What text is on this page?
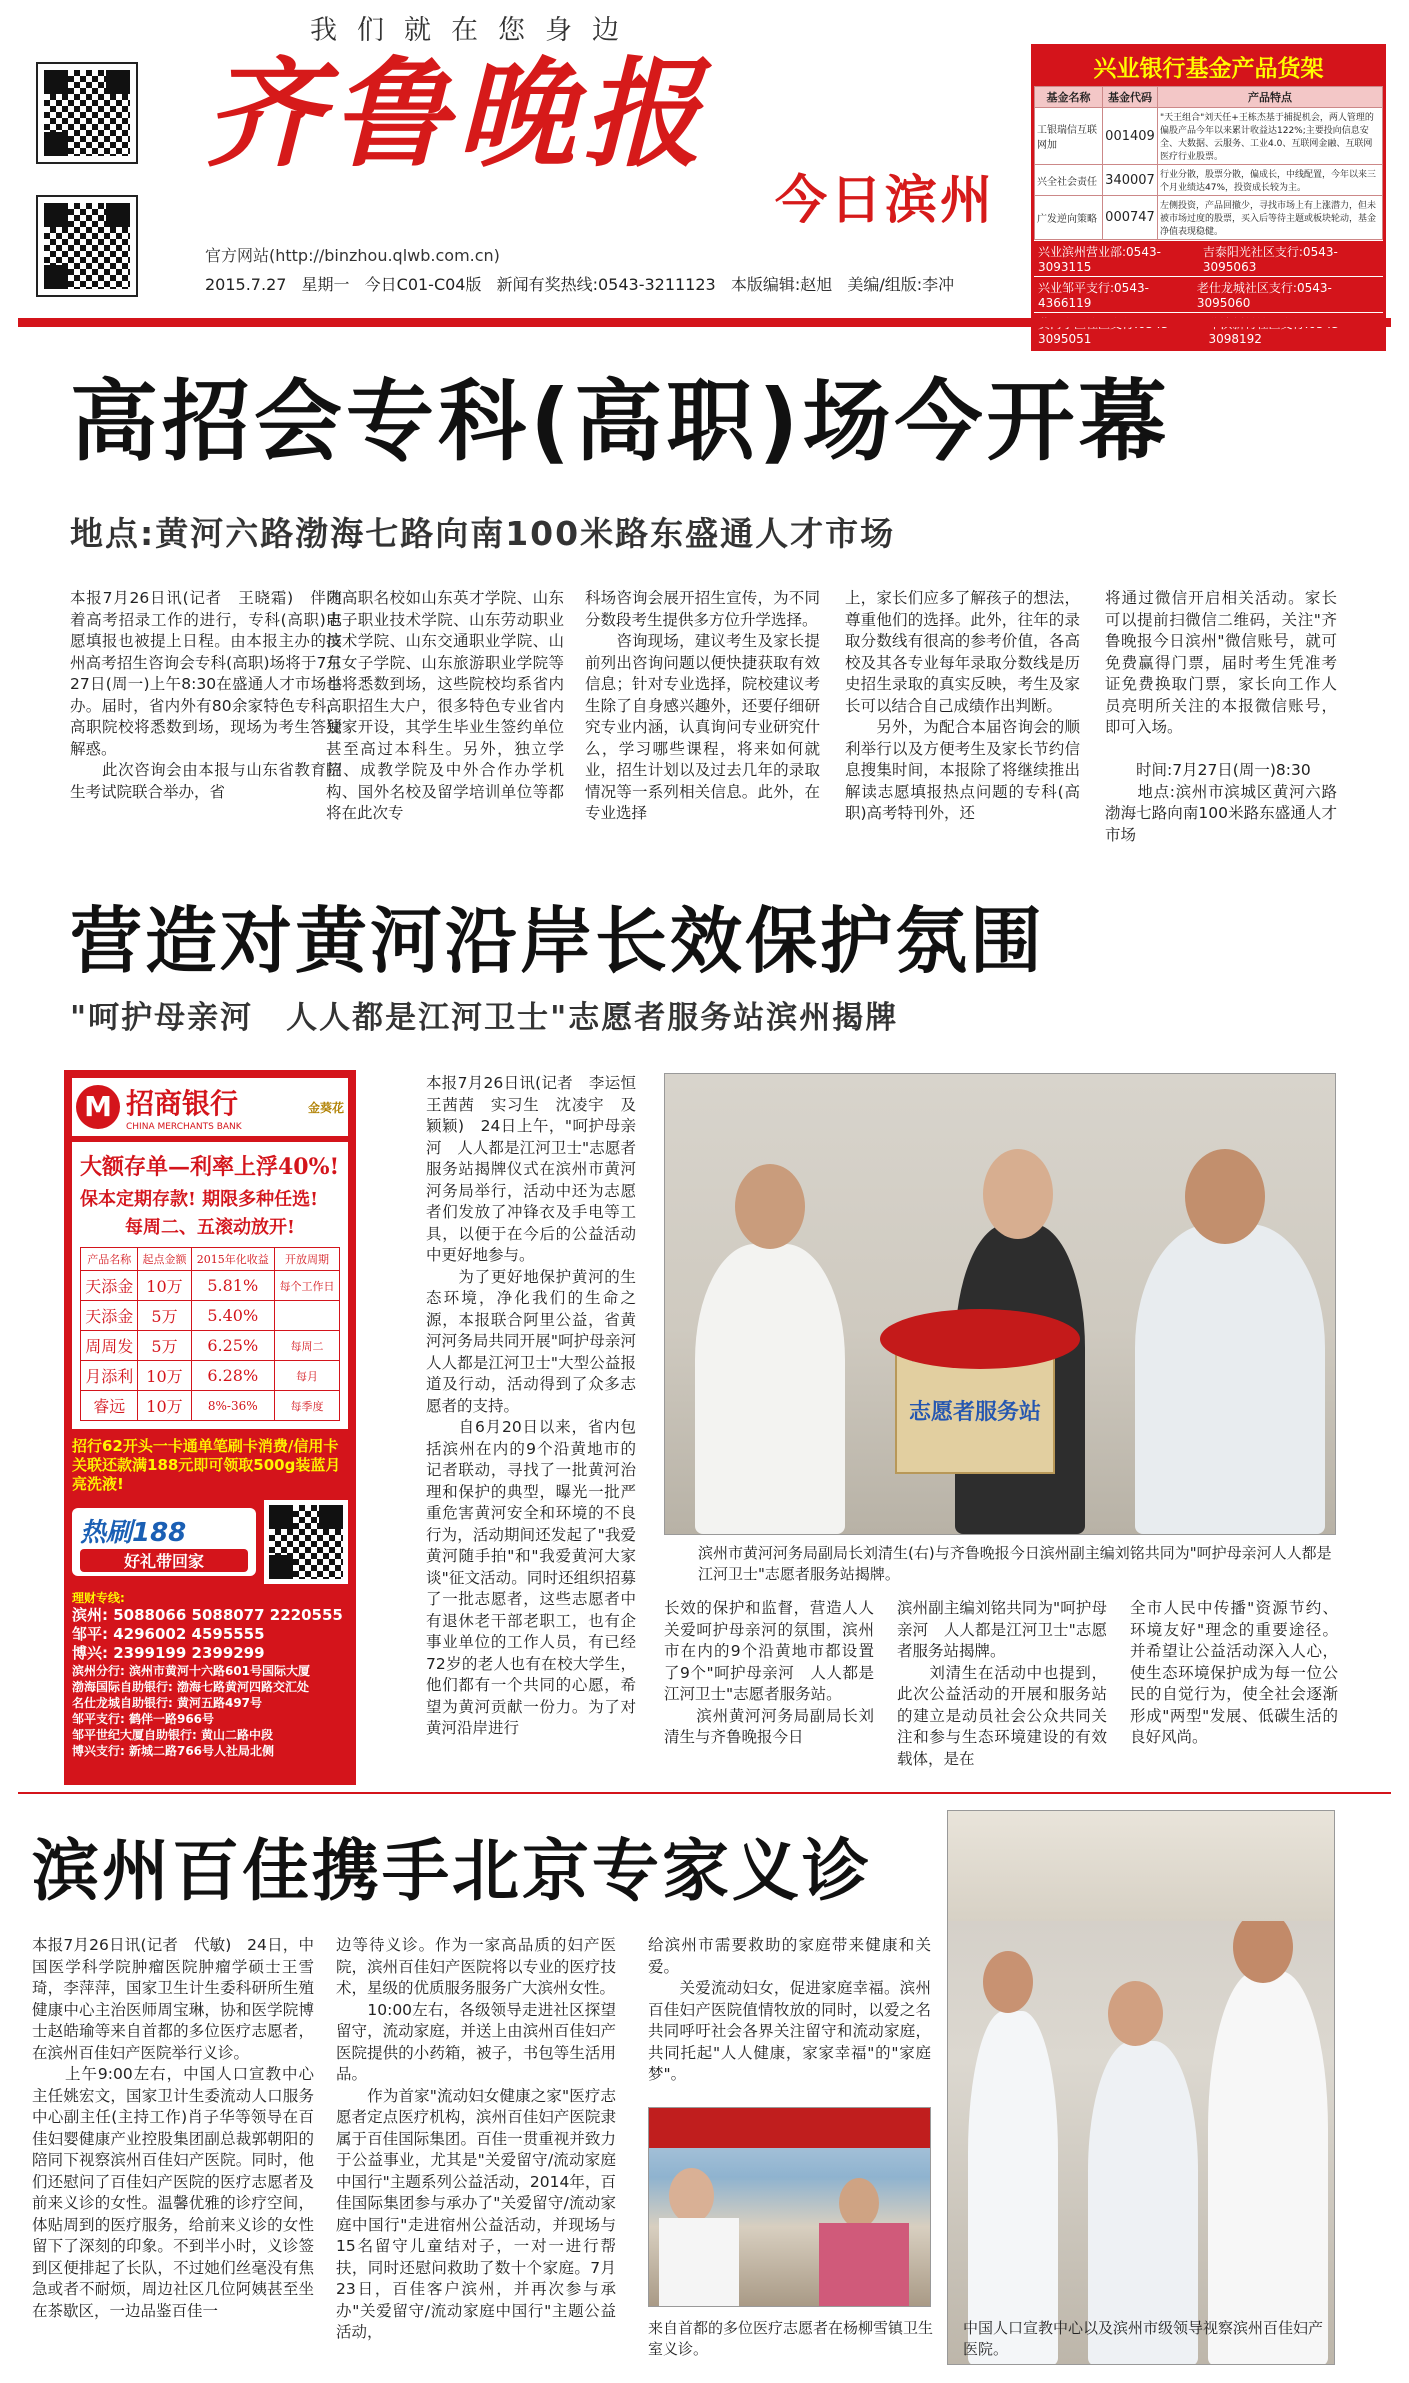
我们就在您身边
齐鲁晚报
今日滨州
官方网站(http://binzhou.qlwb.com.cn)
2015.7.27 星期一 今日C01-C04版 新闻有奖热线:0543-3211123 本版编辑:赵旭 美编/组版:李冲
兴业银行基金产品货架
基金名称	基金代码	产品特点
工银瑞信互联网加	001409	"天王组合"刘天任+王栋杰基于捕捉机会，两人管理的偏股产品今年以来累计收益达122%;主要投向信息安全、大数据、云服务、工业4.0、互联网金融、互联网医疗行业股票。
兴全社会责任	340007	行业分散，股票分散，偏成长，中线配置，今年以来三个月业绩达47%，投资成长较为主。
广发逆向策略	000747	左侧投资，产品回撤少，寻找市场上有上涨潜力，但未被市场过度的股票，买入后等待主题或板块轮动，基金净值表现稳健。
兴业滨州营业部:0543-3093115
吉泰阳光社区支行:0543-3095063
兴业邹平支行:0543-4366119
老仕龙城社区支行:0543-3095060
3095051	3098192
高招会专科(高职)场今开幕
地点:黄河六路渤海七路向南100米路东盛通人才市场
本报7月26日讯(记者　王晓霜)　伴随着高考招录工作的进行，专科(高职)志愿填报也被提上日程。由本报主办的滨州高考招生咨询会专科(高职)场将于7月27日(周一)上午8:30在盛通人才市场举办。届时，省内外有80余家特色专科，高职院校将悉数到场，现场为考生答疑解惑。
　　此次咨询会由本报与山东省教育招生考试院联合举办，省
内高职名校如山东英才学院、山东电子职业技术学院、山东劳动职业技术学院、山东交通职业学院、山东女子学院、山东旅游职业学院等也将悉数到场，这些院校均系省内高职招生大户，很多特色专业省内独家开设，其学生毕业生签约单位甚至高过本科生。另外，独立学院、成教学院及中外合作办学机构、国外名校及留学培训单位等都将在此次专
科场咨询会展开招生宣传，为不同分数段考生提供多方位升学选择。
　　咨询现场，建议考生及家长提前列出咨询问题以便快捷获取有效信息；针对专业选择，院校建议考生除了自身感兴趣外，还要仔细研究专业内涵，认真询问专业研究什么，学习哪些课程，将来如何就业，招生计划以及过去几年的录取情况等一系列相关信息。此外，在专业选择
上，家长们应多了解孩子的想法，尊重他们的选择。此外，往年的录取分数线有很高的参考价值，各高校及其各专业每年录取分数线是历史招生录取的真实反映，考生及家长可以结合自己成绩作出判断。
　　另外，为配合本届咨询会的顺利举行以及方便考生及家长节约信息搜集时间，本报除了将继续推出解读志愿填报热点问题的专科(高职)高考特刊外，还
将通过微信开启相关活动。家长可以提前扫微信二维码，关注"齐鲁晚报今日滨州"微信账号，就可免费赢得门票，届时考生凭准考证免费换取门票，家长向工作人员亮明所关注的本报微信账号，即可入场。

　　时间:7月27日(周一)8:30
　　地点:滨州市滨城区黄河六路渤海七路向南100米路东盛通人才市场
营造对黄河沿岸长效保护氛围
"呵护母亲河　人人都是江河卫士"志愿者服务站滨州揭牌
M 招商银行
CHINA MERCHANTS BANK
金葵花
大额存单—利率上浮40%!
保本定期存款! 期限多种任选!
每周二、五滚动放开!
产品名称	起点金额	2015年化收益	开放周期
天添金	10万	5.81%	每个工作日
天添金	5万	5.40%	
周周发	5万	6.25%	每周二
月添利	10万	6.28%	每月
睿远	10万	8%-36%	每季度
招行62开头一卡通单笔刷卡消费/信用卡关联还款满188元即可领取500g装蓝月亮洗液!
热刷188
好礼带回家
理财专线:
滨州: 5088066 5088077 2220555
邹平: 4296002 4595555
博兴: 2399199 2399299
滨州分行: 滨州市黄河十六路601号国际大厦
渤海国际自助银行: 渤海七路黄河四路交汇处
名仕龙城自助银行: 黄河五路497号
邹平支行: 鹤伴一路966号
邹平世纪大厦自助银行: 黄山二路中段
博兴支行: 新城二路766号人社局北侧
本报7月26日讯(记者　李运恒　王茜茜　实习生　沈凌宇　及颖颖)　24日上午，"呵护母亲河　人人都是江河卫士"志愿者服务站揭牌仪式在滨州市黄河河务局举行，活动中还为志愿者们发放了冲锋衣及手电等工具，以便于在今后的公益活动中更好地参与。
　　为了更好地保护黄河的生态环境，净化我们的生命之源，本报联合阿里公益，省黄河河务局共同开展"呵护母亲河　人人都是江河卫士"大型公益报道及行动，活动得到了众多志愿者的支持。
　　自6月20日以来，省内包括滨州在内的9个沿黄地市的记者联动，寻找了一批黄河治理和保护的典型，曝光一批严重危害黄河安全和环境的不良行为，活动期间还发起了"我爱黄河随手拍"和"我爱黄河大家谈"征文活动。同时还组织招募了一批志愿者，这些志愿者中有退休老干部老职工，也有企事业单位的工作人员，有已经72岁的老人也有在校大学生，他们都有一个共同的心愿，希望为黄河贡献一份力。为了对黄河沿岸进行
志愿者服务站
滨州市黄河河务局副局长刘清生(右)与齐鲁晚报今日滨州副主编刘铭共同为"呵护母亲河人人都是江河卫士"志愿者服务站揭牌。
长效的保护和监督，营造人人关爱呵护母亲河的氛围，滨州市在内的9个沿黄地市都设置了9个"呵护母亲河　人人都是江河卫士"志愿者服务站。
　　滨州黄河河务局副局长刘清生与齐鲁晚报今日
滨州副主编刘铭共同为"呵护母亲河　人人都是江河卫士"志愿者服务站揭牌。
　　刘清生在活动中也提到，此次公益活动的开展和服务站的建立是动员社会公众共同关注和参与生态环境建设的有效载体，是在
全市人民中传播"资源节约、环境友好"理念的重要途径。并希望让公益活动深入人心，使生态环境保护成为每一位公民的自觉行为，使全社会逐渐形成"两型"发展、低碳生活的良好风尚。
滨州百佳携手北京专家义诊
本报7月26日讯(记者　代敏)　24日，中国医学科学院肿瘤医院肿瘤学硕士王雪琦，李萍萍，国家卫生计生委科研所生殖健康中心主治医师周宝琳，协和医学院博士赵皓瑜等来自首都的多位医疗志愿者，在滨州百佳妇产医院举行义诊。
　　上午9:00左右，中国人口宣教中心主任姚宏文，国家卫计生委流动人口服务中心副主任(主持工作)肖子华等领导在百佳妇婴健康产业控股集团副总裁郭朝阳的陪同下视察滨州百佳妇产医院。同时，他们还慰问了百佳妇产医院的医疗志愿者及前来义诊的女性。温馨优雅的诊疗空间，体贴周到的医疗服务，给前来义诊的女性留下了深刻的印象。不到半小时，义诊签到区便排起了长队，不过她们丝毫没有焦急或者不耐烦，周边社区几位阿姨甚至坐在茶歇区，一边品鉴百佳一
边等待义诊。作为一家高品质的妇产医院，滨州百佳妇产医院将以专业的医疗技术，星级的优质服务服务广大滨州女性。
　　10:00左右，各级领导走进社区探望留守，流动家庭，并送上由滨州百佳妇产医院提供的小药箱，被子，书包等生活用品。
　　作为首家"流动妇女健康之家"医疗志愿者定点医疗机构，滨州百佳妇产医院隶属于百佳国际集团。百佳一贯重视并致力于公益事业，尤其是"关爱留守/流动家庭中国行"主题系列公益活动，2014年，百佳国际集团参与承办了"关爱留守/流动家庭中国行"走进宿州公益活动，并现场与15名留守儿童结对子，一对一进行帮扶，同时还慰问救助了数十个家庭。7月23日，百佳客户滨州，并再次参与承办"关爱留守/流动家庭中国行"主题公益活动，
给滨州市需要救助的家庭带来健康和关爱。
　　关爱流动妇女，促进家庭幸福。滨州百佳妇产医院值情牧放的同时，以爱之名共同呼吁社会各界关注留守和流动家庭，共同托起"人人健康，家家幸福"的"家庭梦"。
来自首都的多位医疗志愿者在杨柳雪镇卫生室义诊。
中国人口宣教中心以及滨州市级领导视察滨州百佳妇产医院。
